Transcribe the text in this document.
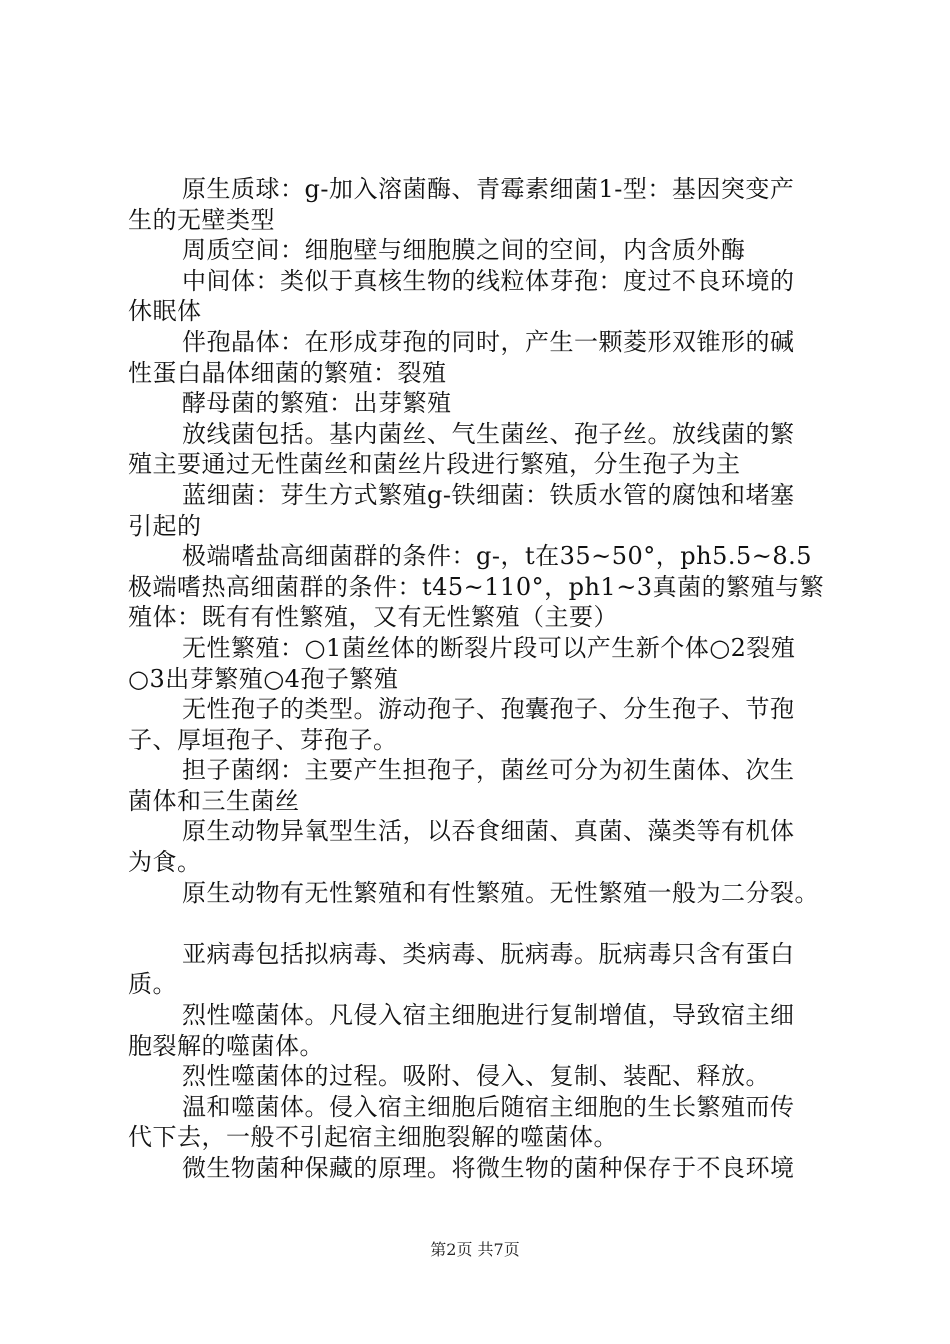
原生质球：g-加入溶菌酶、青霉素细菌1-型：基因突变产
生的无壁类型
周质空间：细胞壁与细胞膜之间的空间，内含质外酶
中间体：类似于真核生物的线粒体芽孢：度过不良环境的
休眠体
伴孢晶体：在形成芽孢的同时，产生一颗菱形双锥形的碱
性蛋白晶体细菌的繁殖：裂殖
酵母菌的繁殖：出芽繁殖
放线菌包括。基内菌丝、气生菌丝、孢子丝。放线菌的繁
殖主要通过无性菌丝和菌丝片段进行繁殖，分生孢子为主
蓝细菌：芽生方式繁殖g-铁细菌：铁质水管的腐蚀和堵塞
引起的
极端嗜盐高细菌群的条件：g-，t在35~50°，ph5.5~8.5
极端嗜热高细菌群的条件：t45~110°，ph1~3真菌的繁殖与繁
殖体：既有有性繁殖，又有无性繁殖（主要）
无性繁殖：○1菌丝体的断裂片段可以产生新个体○2裂殖
○3出芽繁殖○4孢子繁殖
无性孢子的类型。游动孢子、孢囊孢子、分生孢子、节孢
子、厚垣孢子、芽孢子。
担子菌纲：主要产生担孢子，菌丝可分为初生菌体、次生
菌体和三生菌丝
原生动物异氧型生活，以吞食细菌、真菌、藻类等有机体
为食。
原生动物有无性繁殖和有性繁殖。无性繁殖一般为二分裂。
亚病毒包括拟病毒、类病毒、朊病毒。朊病毒只含有蛋白
质。
烈性噬菌体。凡侵入宿主细胞进行复制增值，导致宿主细
胞裂解的噬菌体。
烈性噬菌体的过程。吸附、侵入、复制、装配、释放。
温和噬菌体。侵入宿主细胞后随宿主细胞的生长繁殖而传
代下去，一般不引起宿主细胞裂解的噬菌体。
微生物菌种保藏的原理。将微生物的菌种保存于不良环境
第2页 共7页
